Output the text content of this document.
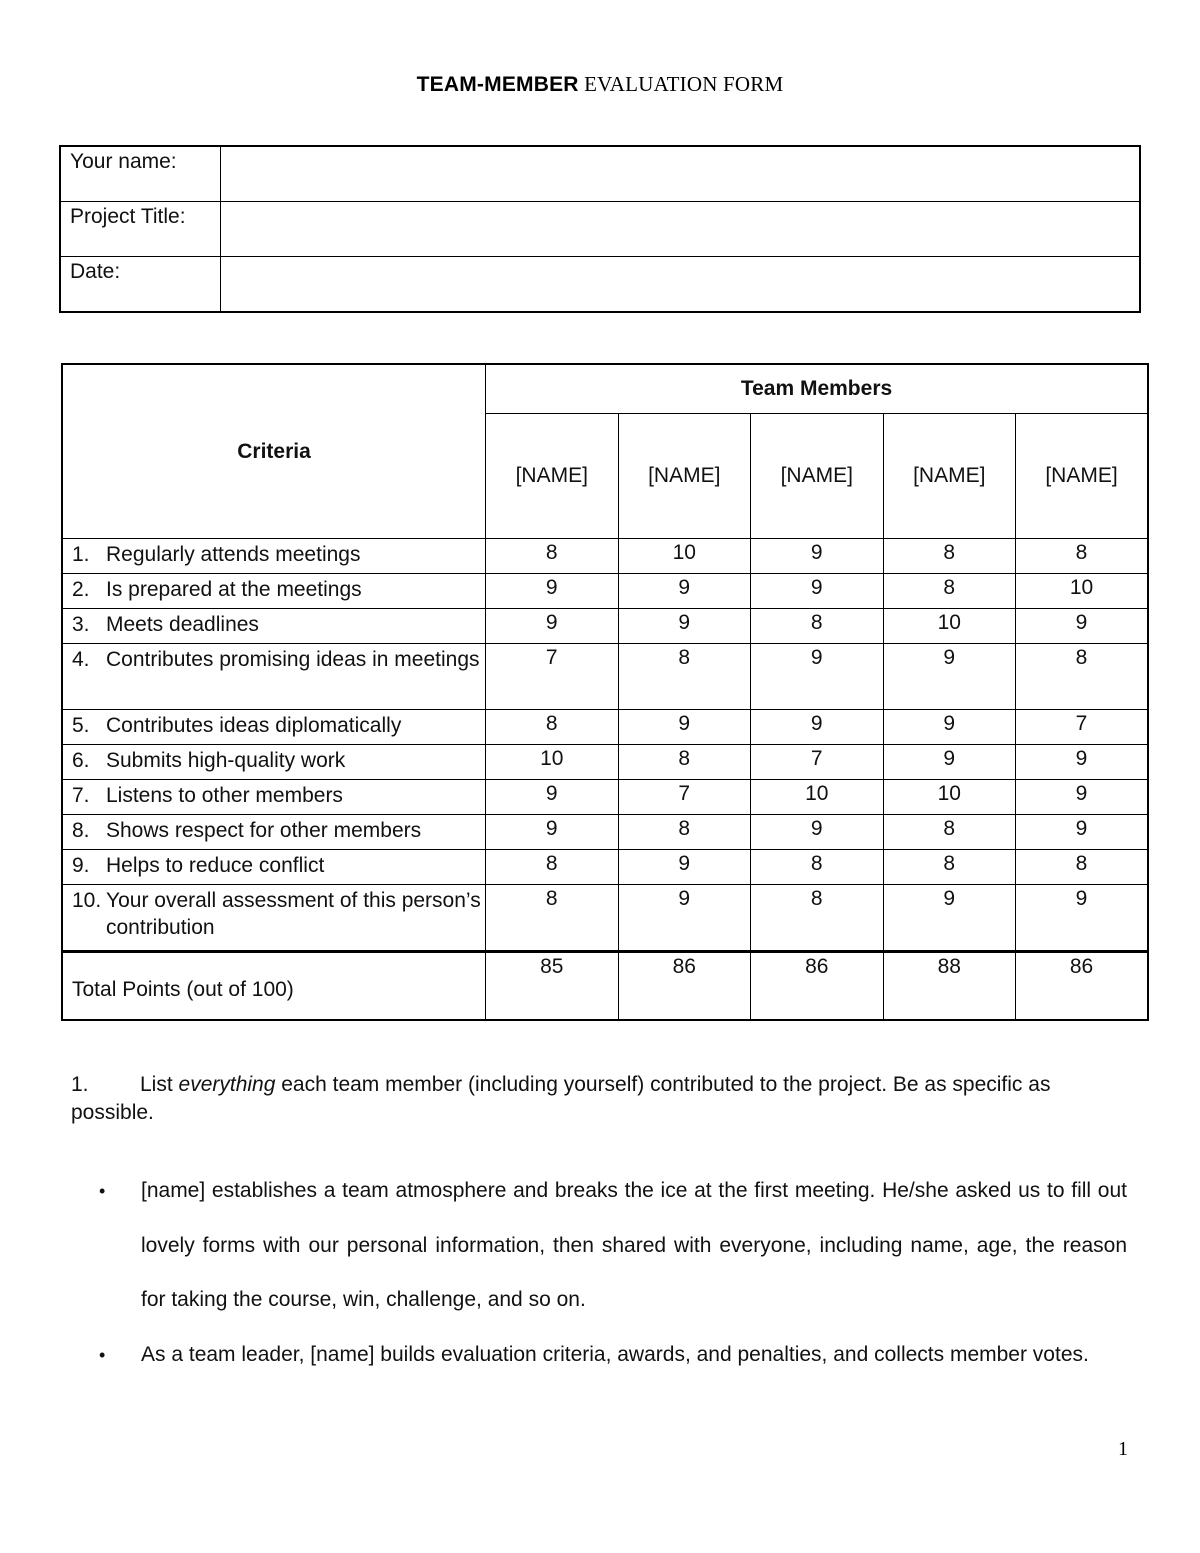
TEAM-MEMBER EVALUATION FORM
Your name:	
Project Title:	
Date:	
Criteria	Team Members				
	[NAME]	[NAME]	[NAME]	[NAME]	[NAME]

1. Regularly attends meetings	8	10	9	8	8

2. Is prepared at the meetings	9	9	9	8	10

3. Meets deadlines	9	9	8	10	9

4. Contributes promising ideas in meetings	7	8	9	9	8

5. Contributes ideas diplomatically	8	9	9	9	7

6. Submits high-quality work	10	8	7	9	9

7. Listens to other members	9	7	10	10	9

8. Shows respect for other members	9	8	9	8	9

9. Helps to reduce conflict	8	9	8	8	8

10. Your overall assessment of this person’s contribution	8	9	8	9	9
Total Points (out of 100)	85	86	86	88	86
1. List everything each team member (including yourself) contributed to the project. Be as specific as possible.
• [name] establishes a team atmosphere and breaks the ice at the first meeting. He/she asked us to fill out lovely forms with our personal information, then shared with everyone, including name, age, the reason for taking the course, win, challenge, and so on.
• As a team leader, [name] builds evaluation criteria, awards, and penalties, and collects member votes.
1
